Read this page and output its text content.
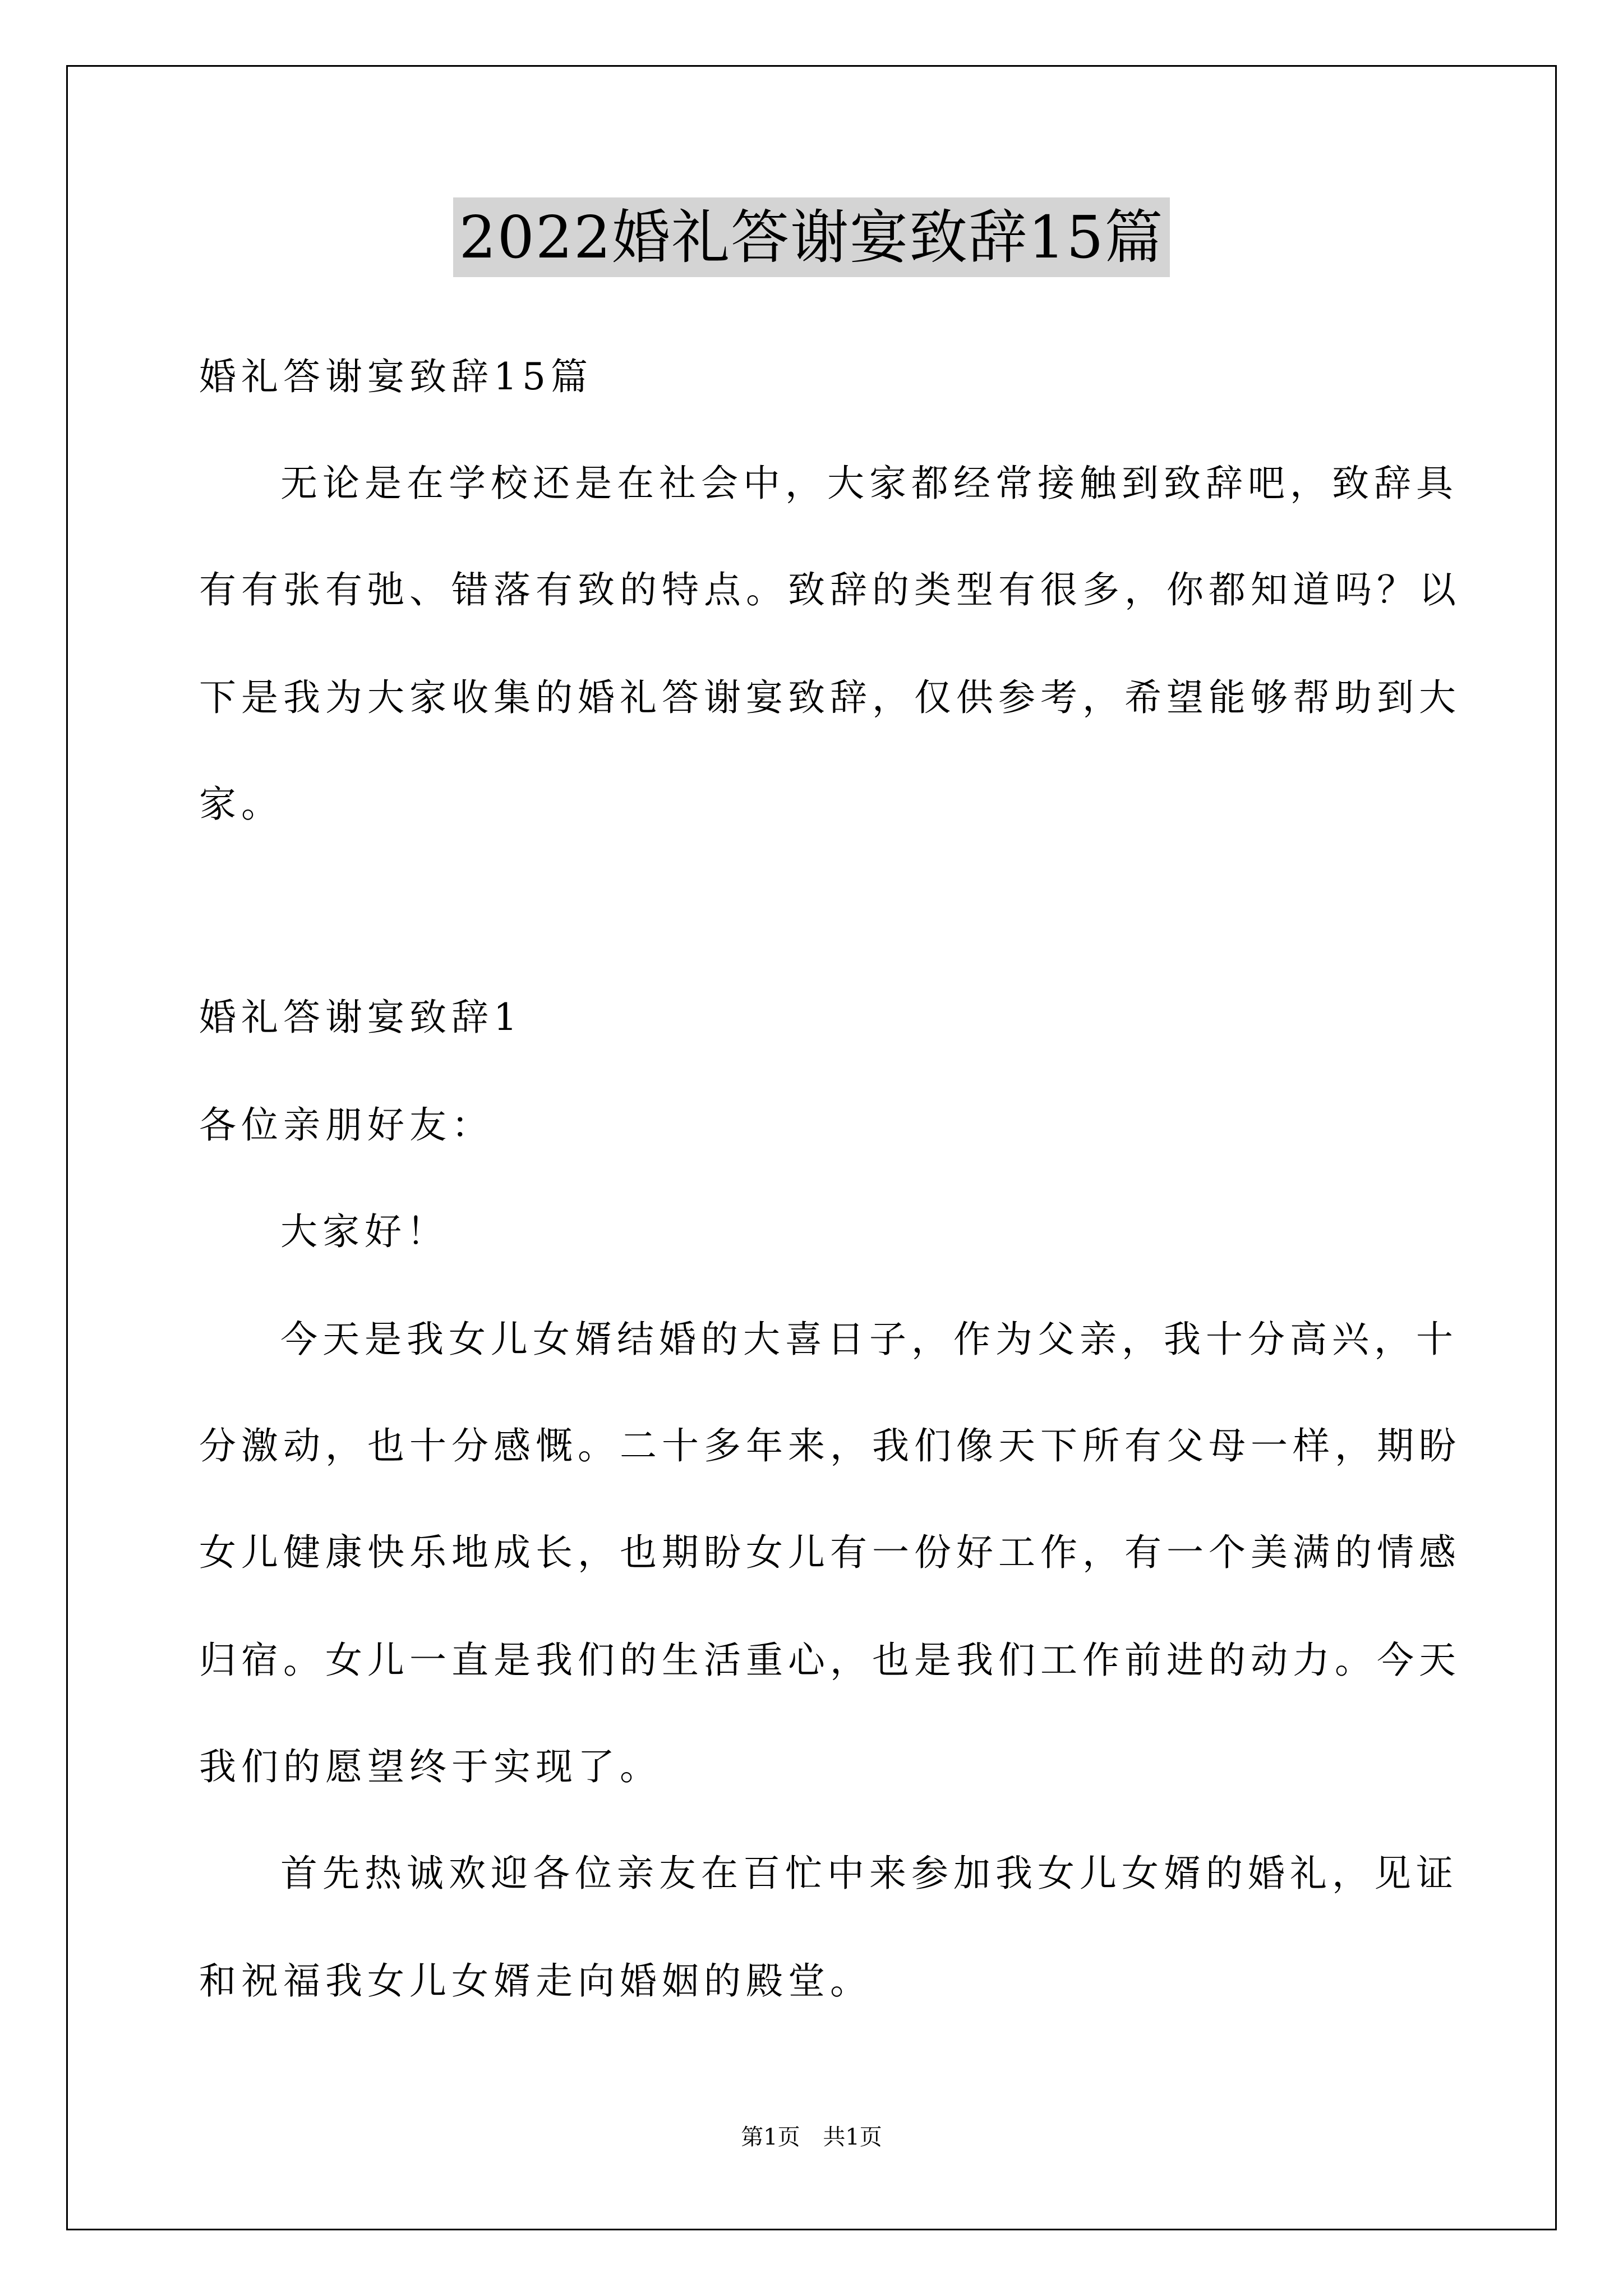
2022婚礼答谢宴致辞15篇
婚礼答谢宴致辞15篇
无论是在学校还是在社会中，大家都经常接触到致辞吧，致辞具
有有张有弛、错落有致的特点。致辞的类型有很多，你都知道吗？以
下是我为大家收集的婚礼答谢宴致辞，仅供参考，希望能够帮助到大
家。
婚礼答谢宴致辞1
各位亲朋好友：
大家好！
今天是我女儿女婿结婚的大喜日子，作为父亲，我十分高兴，十
分激动，也十分感慨。二十多年来，我们像天下所有父母一样，期盼
女儿健康快乐地成长，也期盼女儿有一份好工作，有一个美满的情感
归宿。女儿一直是我们的生活重心，也是我们工作前进的动力。今天
我们的愿望终于实现了。
首先热诚欢迎各位亲友在百忙中来参加我女儿女婿的婚礼，见证
和祝福我女儿女婿走向婚姻的殿堂。
第1页 共1页
